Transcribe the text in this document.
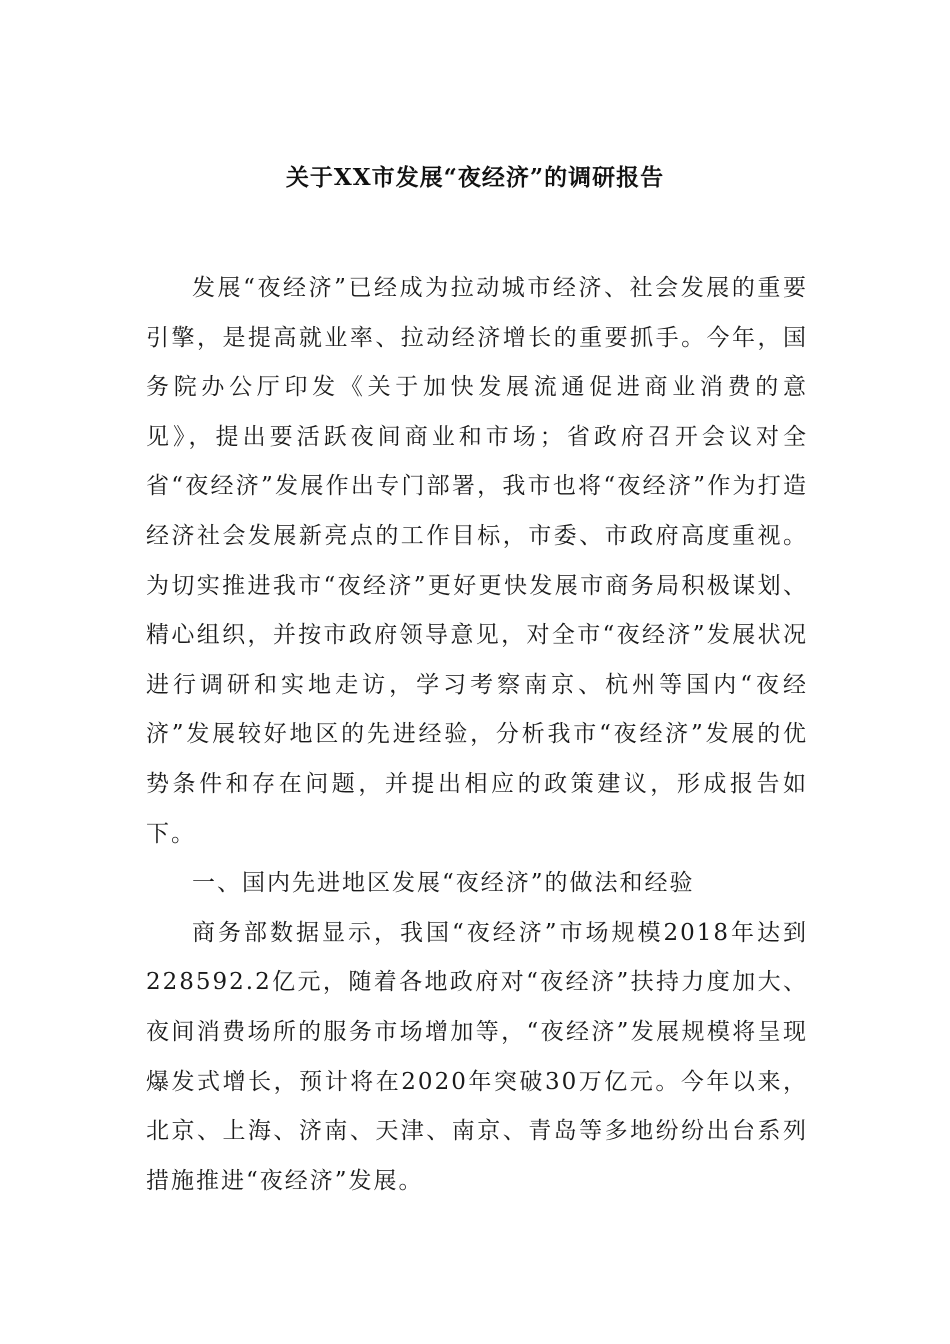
关于XX市发展“夜经济”的调研报告

发展“夜经济”已经成为拉动城市经济、社会发展的重要引擎，是提高就业率、拉动经济增长的重要抓手。今年，国务院办公厅印发《关于加快发展流通促进商业消费的意见》，提出要活跃夜间商业和市场；省政府召开会议对全省“夜经济”发展作出专门部署，我市也将“夜经济”作为打造经济社会发展新亮点的工作目标，市委、市政府高度重视。为切实推进我市“夜经济”更好更快发展市商务局积极谋划、精心组织，并按市政府领导意见，对全市“夜经济”发展状况进行调研和实地走访，学习考察南京、杭州等国内“夜经济”发展较好地区的先进经验，分析我市“夜经济”发展的优势条件和存在问题，并提出相应的政策建议，形成报告如下。

一、国内先进地区发展“夜经济”的做法和经验

商务部数据显示，我国“夜经济”市场规模2018年达到228592.2亿元，随着各地政府对“夜经济”扶持力度加大、夜间消费场所的服务市场增加等，“夜经济”发展规模将呈现爆发式增长，预计将在2020年突破30万亿元。今年以来，北京、上海、济南、天津、南京、青岛等多地纷纷出台系列措施推进“夜经济”发展。
